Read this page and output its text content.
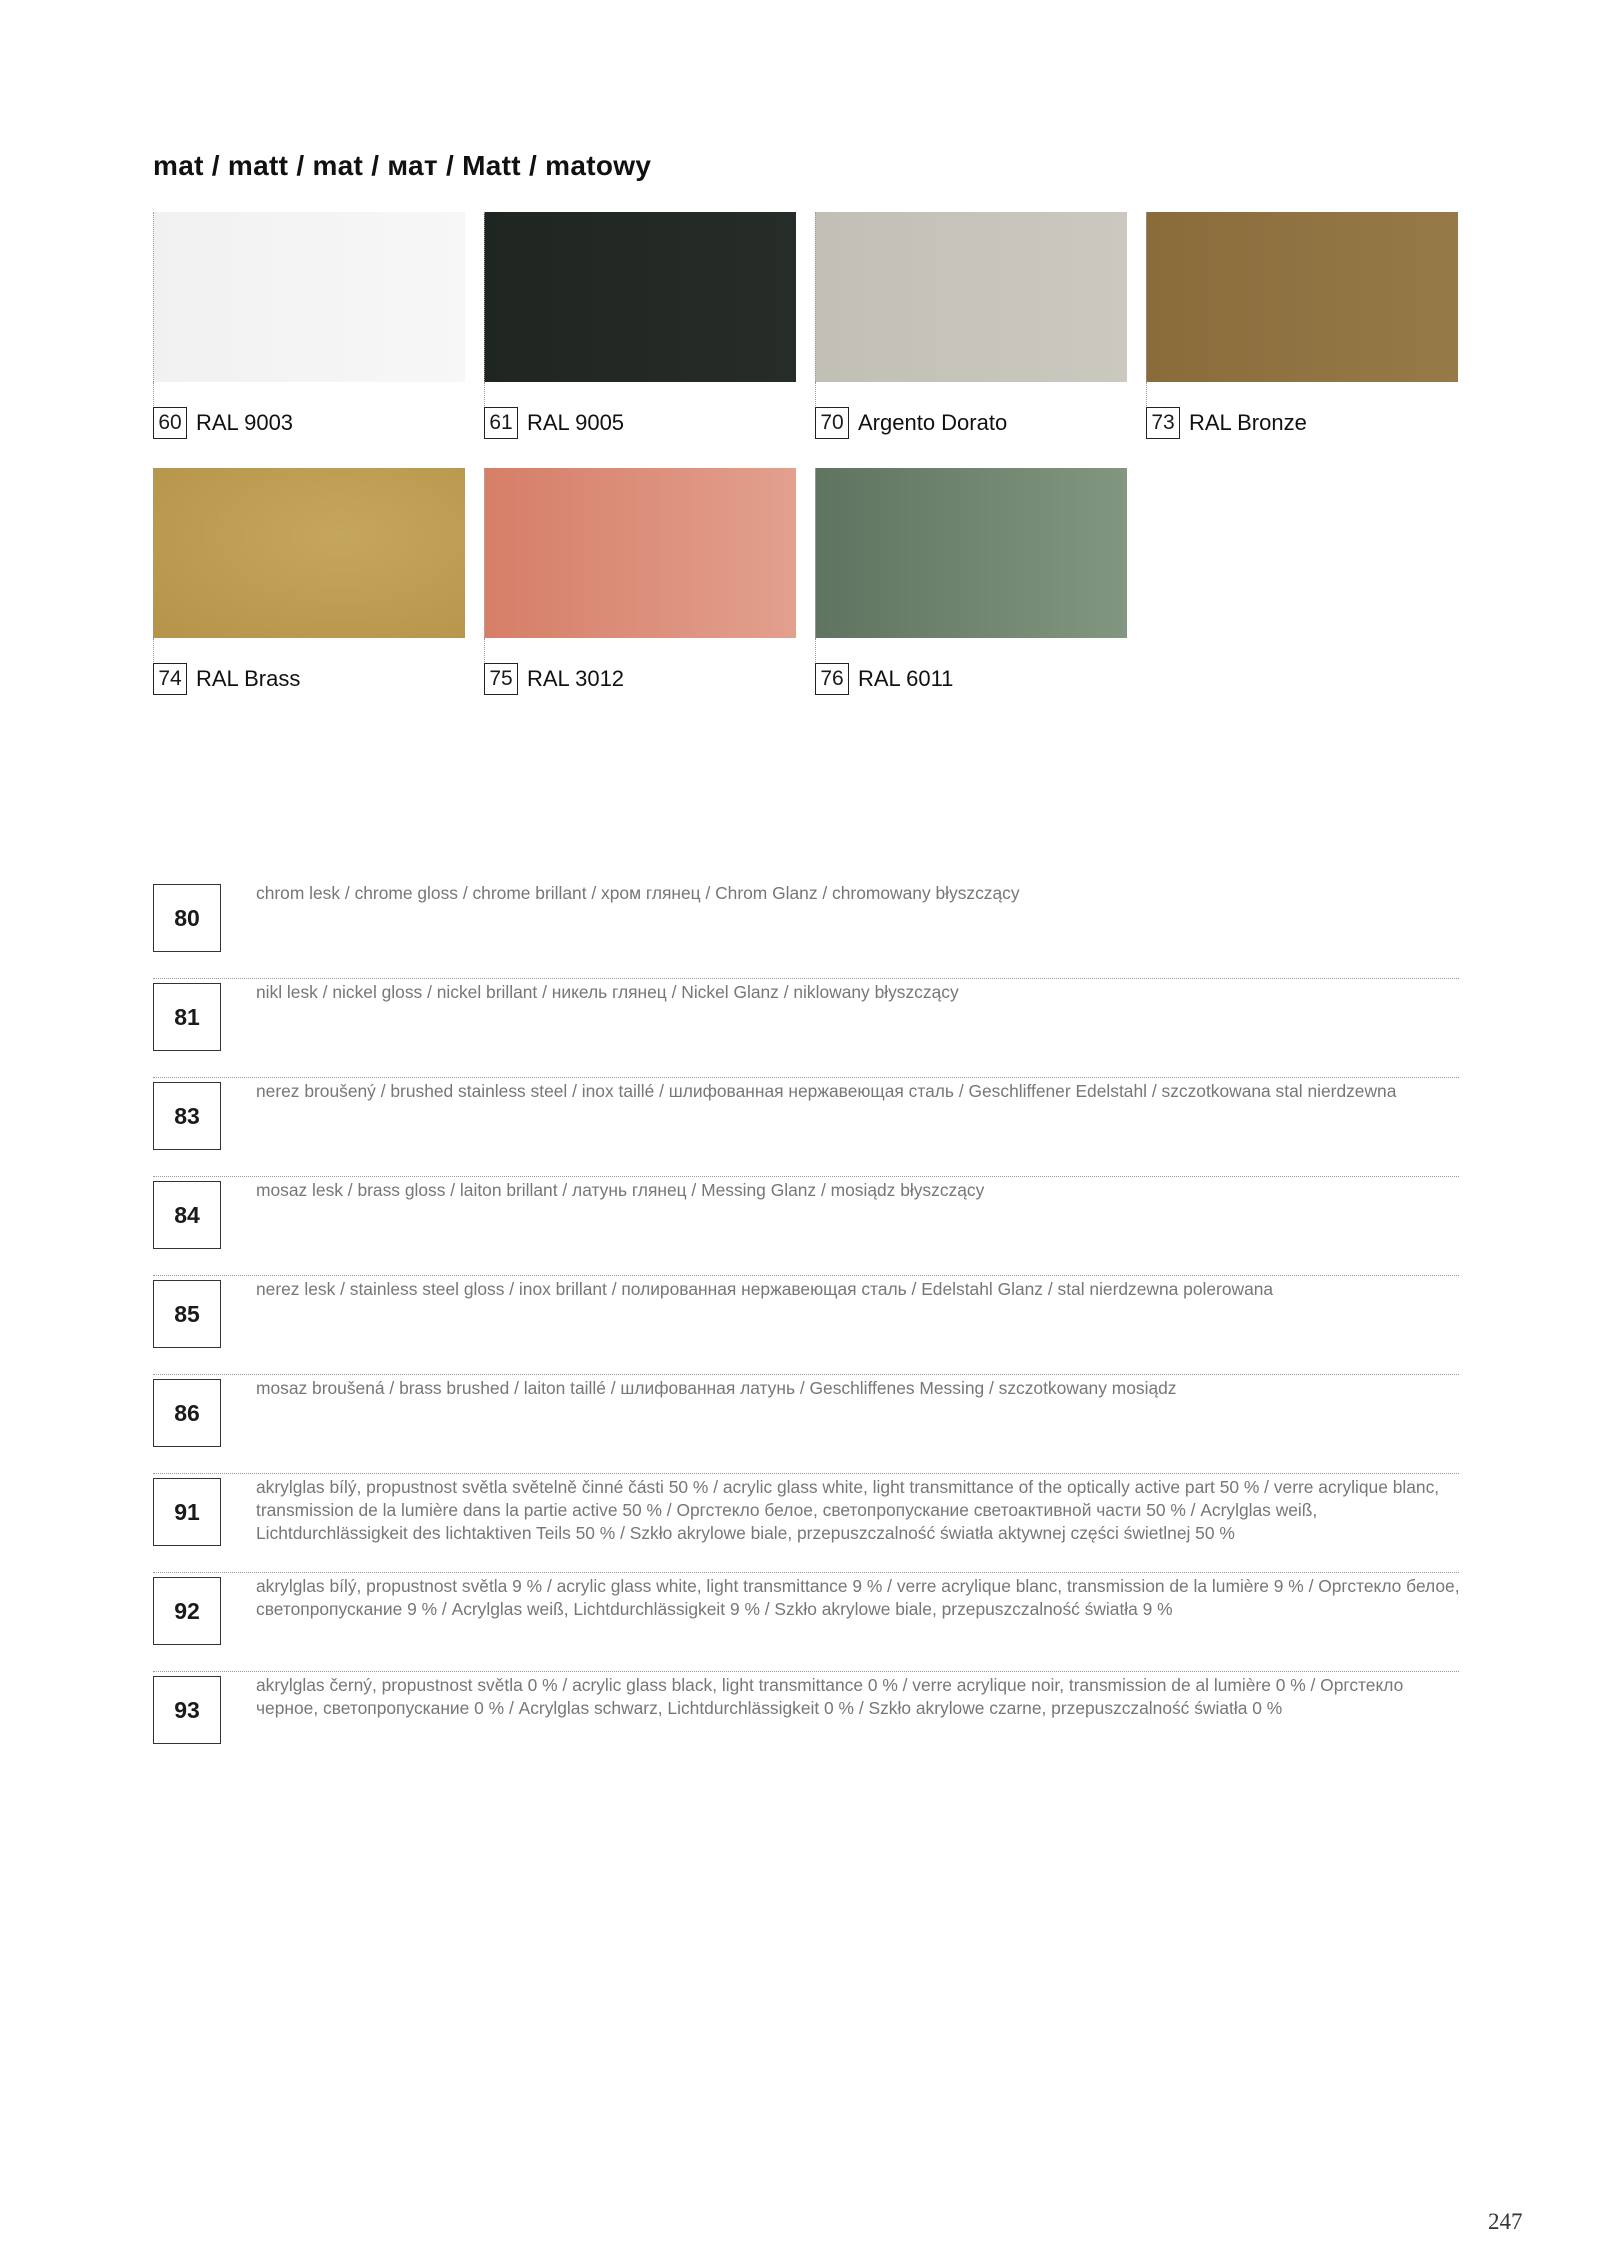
mat / matt / mat / мат / Matt / matowy
60 RAL 9003	61 RAL 9005	70 Argento Dorato	73 RAL Bronze
74 RAL Brass	75 RAL 3012	76 RAL 6011
80
chrom lesk / chrome gloss / chrome brillant / хром глянец / Chrom Glanz / chromowany błyszczący
81
nikl lesk / nickel gloss / nickel brillant / никель глянец / Nickel Glanz / niklowany błyszczący
83
nerez broušený / brushed stainless steel / inox taillé / шлифованная нержавеющая сталь / Geschliffener Edelstahl / szczotkowana stal nierdzewna
84
mosaz lesk / brass gloss / laiton brillant / латунь глянец / Messing Glanz / mosiądz błyszczący
85
nerez lesk / stainless steel gloss / inox brillant / полированная нержавеющая сталь / Edelstahl Glanz / stal nierdzewna polerowana
86
mosaz broušená / brass brushed / laiton taillé / шлифованная латунь / Geschliffenes Messing / szczotkowany mosiądz
91
akrylglas bílý, propustnost světla světelně činné části 50 % / acrylic glass white, light transmittance of the optically active part 50 % / verre acrylique blanc, transmission de la lumière dans la partie active 50 % / Оргстекло белое, светопропускание светоактивной части 50 % / Acrylglas weiß, Lichtdurchlässigkeit des lichtaktiven Teils 50 % / Szkło akrylowe biale, przepuszczalność światła aktywnej części świetlnej 50 %
92
akrylglas bílý, propustnost světla 9 % / acrylic glass white, light transmittance 9 % / verre acrylique blanc, transmission de la lumière 9 % / Оргстекло белое, светопропускание 9 % / Acrylglas weiß, Lichtdurchlässigkeit 9 % / Szkło akrylowe biale, przepuszczalność światła 9 %
93
akrylglas černý, propustnost světla 0 % / acrylic glass black, light transmittance 0 % / verre acrylique noir, transmission de al lumière 0 % / Оргстекло черное, светопропускание 0 % / Acrylglas schwarz, Lichtdurchlässigkeit 0 % / Szkło akrylowe czarne, przepuszczalność światła 0 %
247
